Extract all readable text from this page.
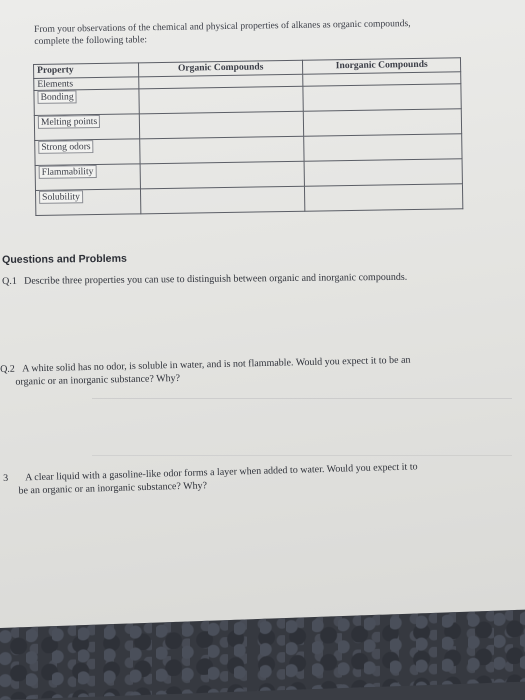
From your observations of the chemical and physical properties of alkanes as organic compounds,
complete the following table:
Property	Organic Compounds	Inorganic Compounds
Elements		
Bonding		
Melting points		
Strong odors		
Flammability		
Solubility		
Questions and Problems
Q.1 Describe three properties you can use to distinguish between organic and inorganic compounds.
Q.2 A white solid has no odor, is soluble in water, and is not flammable. Would you expect it to be an
organic or an inorganic substance? Why?
3 A clear liquid with a gasoline-like odor forms a layer when added to water. Would you expect it to
be an organic or an inorganic substance? Why?
